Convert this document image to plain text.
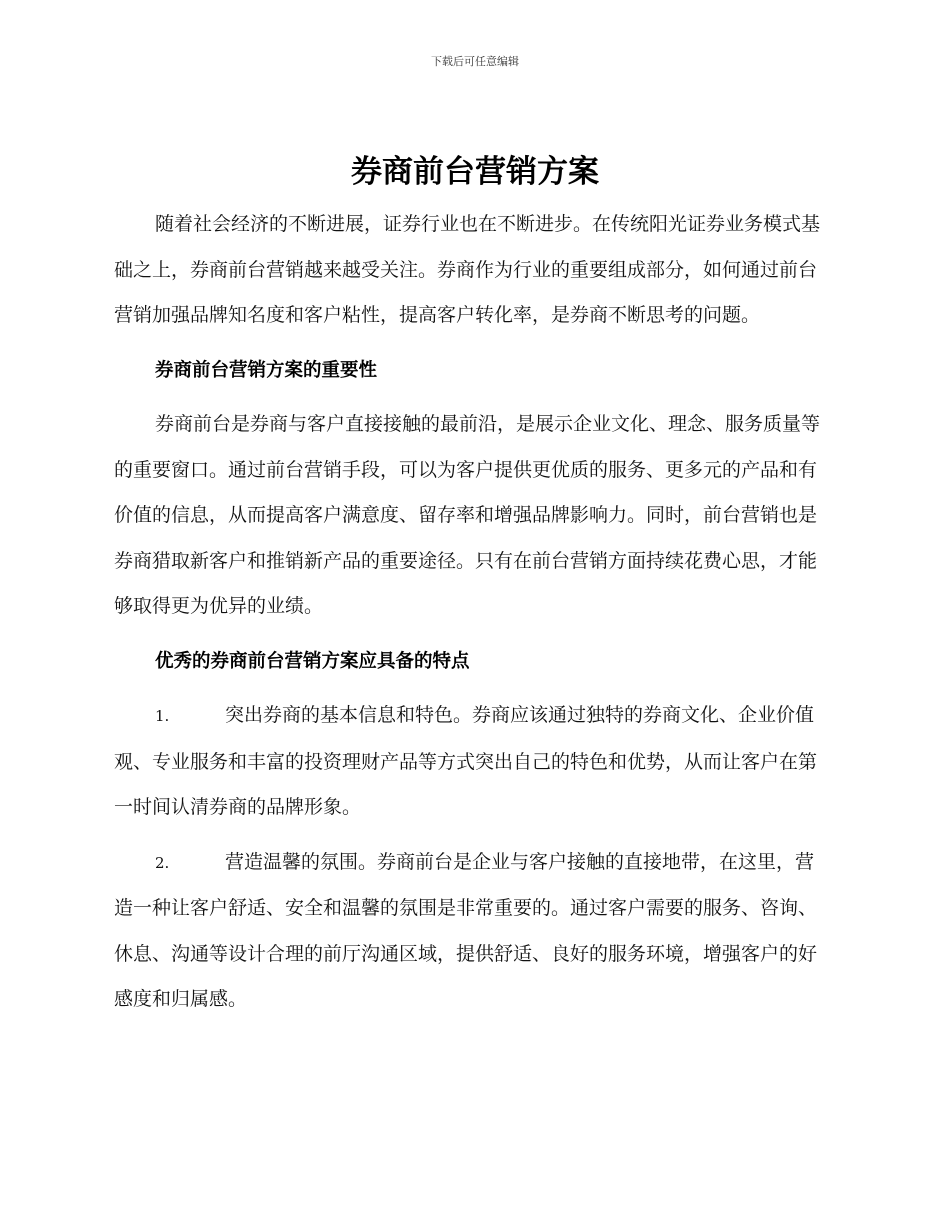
下载后可任意编辑
券商前台营销方案

随着社会经济的不断进展，证券行业也在不断进步。在传统阳光证券业务模式基础之上，券商前台营销越来越受关注。券商作为行业的重要组成部分，如何通过前台营销加强品牌知名度和客户粘性，提高客户转化率，是券商不断思考的问题。

券商前台营销方案的重要性

券商前台是券商与客户直接接触的最前沿，是展示企业文化、理念、服务质量等的重要窗口。通过前台营销手段，可以为客户提供更优质的服务、更多元的产品和有价值的信息，从而提高客户满意度、留存率和增强品牌影响力。同时，前台营销也是券商猎取新客户和推销新产品的重要途径。只有在前台营销方面持续花费心思，才能够取得更为优异的业绩。

优秀的券商前台营销方案应具备的特点

1.	突出券商的基本信息和特色。券商应该通过独特的券商文化、企业价值观、专业服务和丰富的投资理财产品等方式突出自己的特色和优势，从而让客户在第一时间认清券商的品牌形象。

2.	营造温馨的氛围。券商前台是企业与客户接触的直接地带，在这里，营造一种让客户舒适、安全和温馨的氛围是非常重要的。通过客户需要的服务、咨询、休息、沟通等设计合理的前厅沟通区域，提供舒适、良好的服务环境，增强客户的好感度和归属感。
